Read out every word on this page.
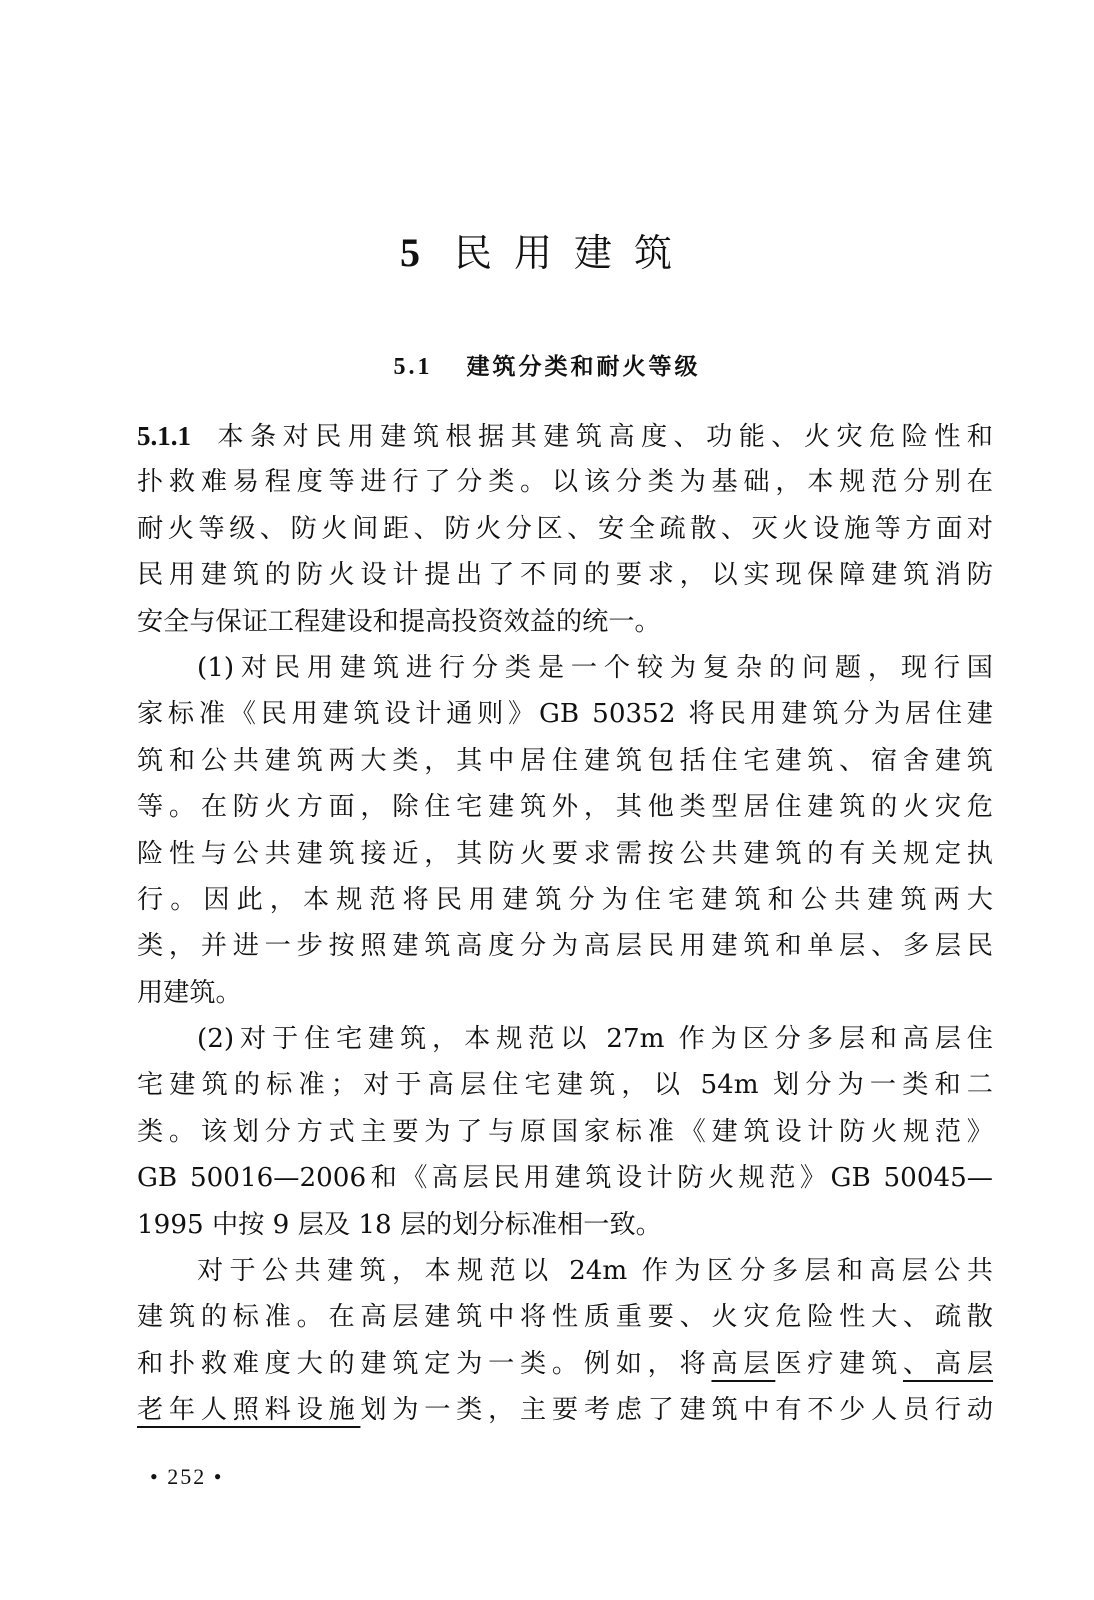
5 民用建筑
5.1 建筑分类和耐火等级
5.1.1 本条对民用建筑根据其建筑高度、功能、火灾危险性和
扑救难易程度等进行了分类。以该分类为基础，本规范分别在
耐火等级、防火间距、防火分区、安全疏散、灭火设施等方面对
民用建筑的防火设计提出了不同的要求，以实现保障建筑消防
安全与保证工程建设和提高投资效益的统一。
(1)对民用建筑进行分类是一个较为复杂的问题，现行国
家标准《民用建筑设计通则》GB 50352 将民用建筑分为居住建
筑和公共建筑两大类，其中居住建筑包括住宅建筑、宿舍建筑
等。在防火方面，除住宅建筑外，其他类型居住建筑的火灾危
险性与公共建筑接近，其防火要求需按公共建筑的有关规定执
行。因此，本规范将民用建筑分为住宅建筑和公共建筑两大
类，并进一步按照建筑高度分为高层民用建筑和单层、多层民
用建筑。
(2)对于住宅建筑，本规范以 27m 作为区分多层和高层住
宅建筑的标准；对于高层住宅建筑，以 54m 划分为一类和二
类。该划分方式主要为了与原国家标准《建筑设计防火规范》
GB 50016—2006和《高层民用建筑设计防火规范》GB 50045—
1995 中按 9 层及 18 层的划分标准相一致。
对于公共建筑，本规范以 24m 作为区分多层和高层公共
建筑的标准。在高层建筑中将性质重要、火灾危险性大、疏散
和扑救难度大的建筑定为一类。例如，将高层医疗建筑、高层
老年人照料设施划为一类，主要考虑了建筑中有不少人员行动
• 252 •
